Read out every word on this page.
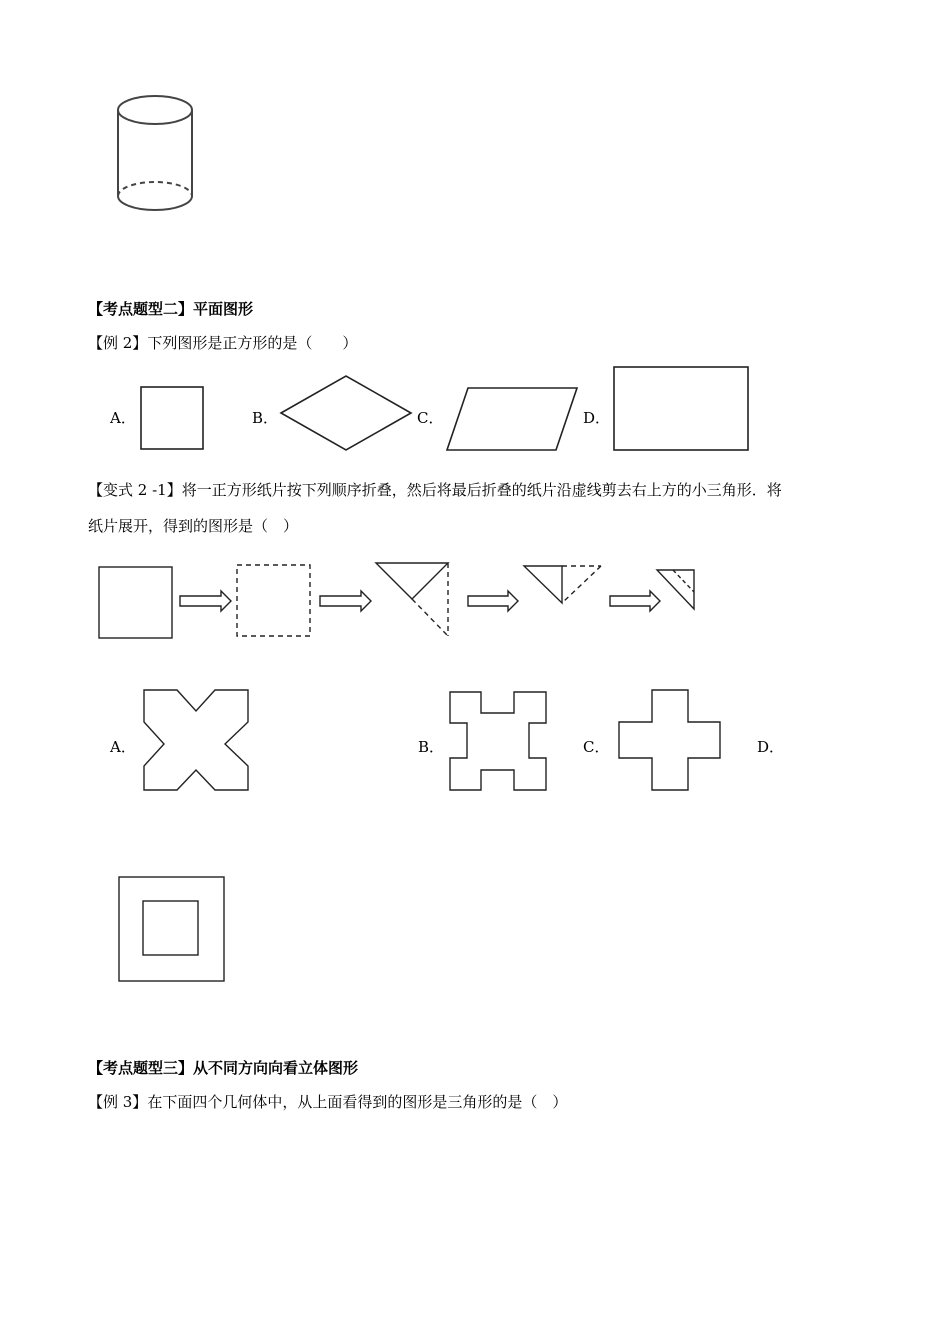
【考点题型二】平面图形
【例 2】下列图形是正方形的是（　　）
A．	B．	C．	D．
【变式 2 -1】将一正方形纸片按下列顺序折叠，然后将最后折叠的纸片沿虚线剪去右上方的小三角形．将
纸片展开，得到的图形是（　）
A．	B．	C．	D．
【考点题型三】从不同方向向看立体图形
【例 3】在下面四个几何体中，从上面看得到的图形是三角形的是（　）
